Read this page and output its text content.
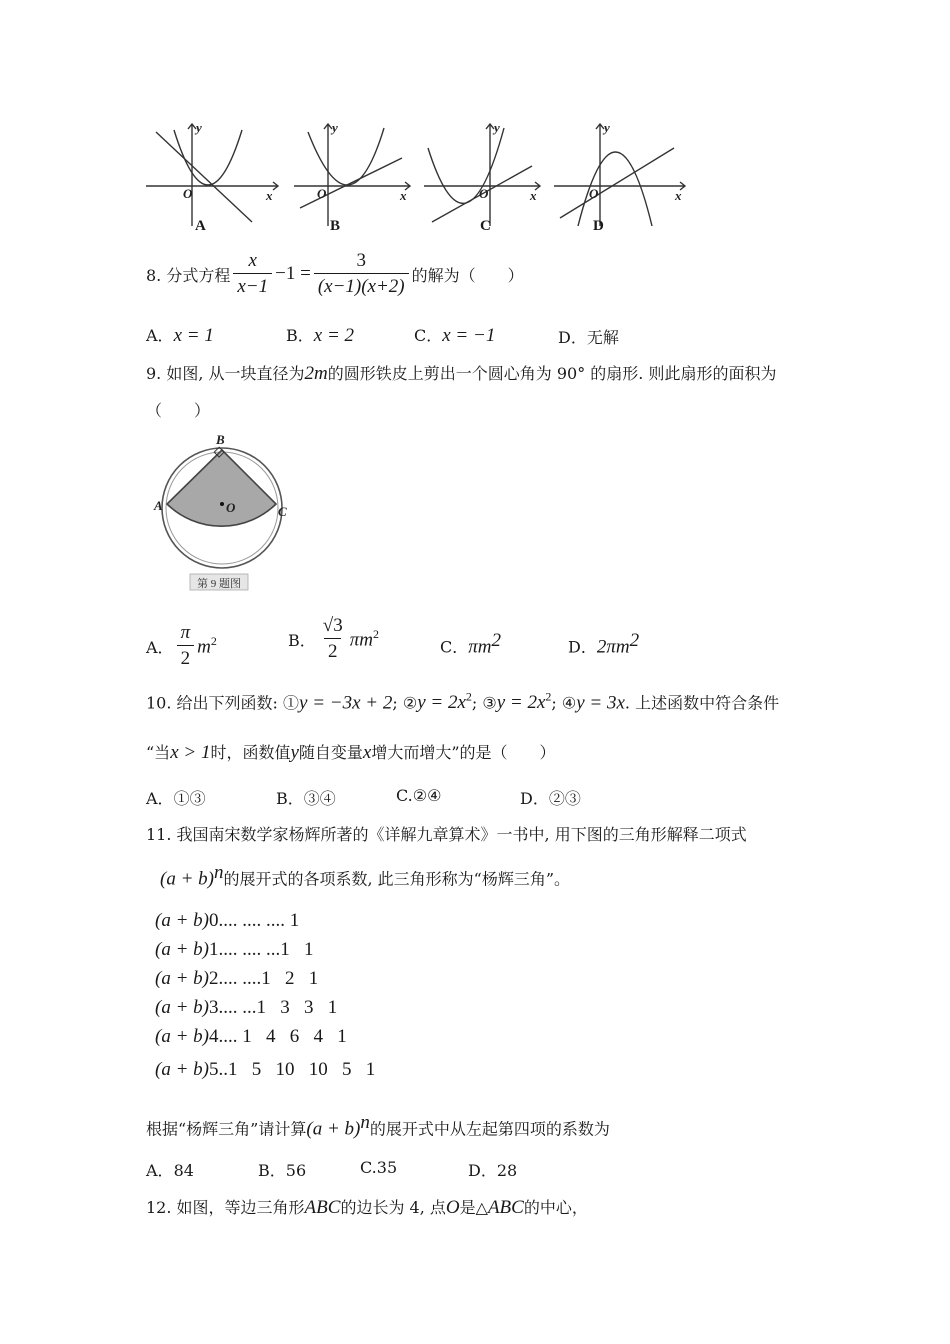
O
y
x	O
y
x	O
y
x	O
y
x
A	B	C	D
8. 分式方程 $\frac{x}{x-1} -1 = \frac{3}{(x-1)(x+2)}$ 的解为（　　）
A．x = 1	B．x = 2	C．x = −1	D．无解
9. 如图, 从一块直径为2m的圆形铁皮上剪出一个圆心角为 90° 的扇形. 则此扇形的面积为
（　　）
B
A	C
O
第 9 题图
A． $\frac{\pi}{2} m^2$	B． $\frac{√3}{2} \pi m^2$
C．$\pi m^2$	D．$2\pi m^2$
10. 给出下列函数: ①y = −3x + 2; ②y = $2x^2$; ③y = $2x^2$; ④y = 3x. 上述函数中符合条件
“当x > 1时，函数值y随自变量x增大而增大”的是（　　）
A．①③	B．③④	C.②④	D．②③
11. 我国南宋数学家杨辉所著的《详解九章算术》一书中, 用下图的三角形解释二项式
$(a + b)^n$的展开式的各项系数, 此三角形称为“杨辉三角”。
(a + b)0.... .... .... 1
(a + b)1.... .... ...1   1
(a + b)2.... ....1   2   1
(a + b)3.... ...1   3   3   1
(a + b)4.... 1   4   6   4   1
(a + b)5..1   5   10   10   5   1
根据“杨辉三角”请计算$(a + b)^n$的展开式中从左起第四项的系数为
A．84	B．56	C.35	D．28
12. 如图，等边三角形ABC的边长为 4, 点O是△ABC的中心，
